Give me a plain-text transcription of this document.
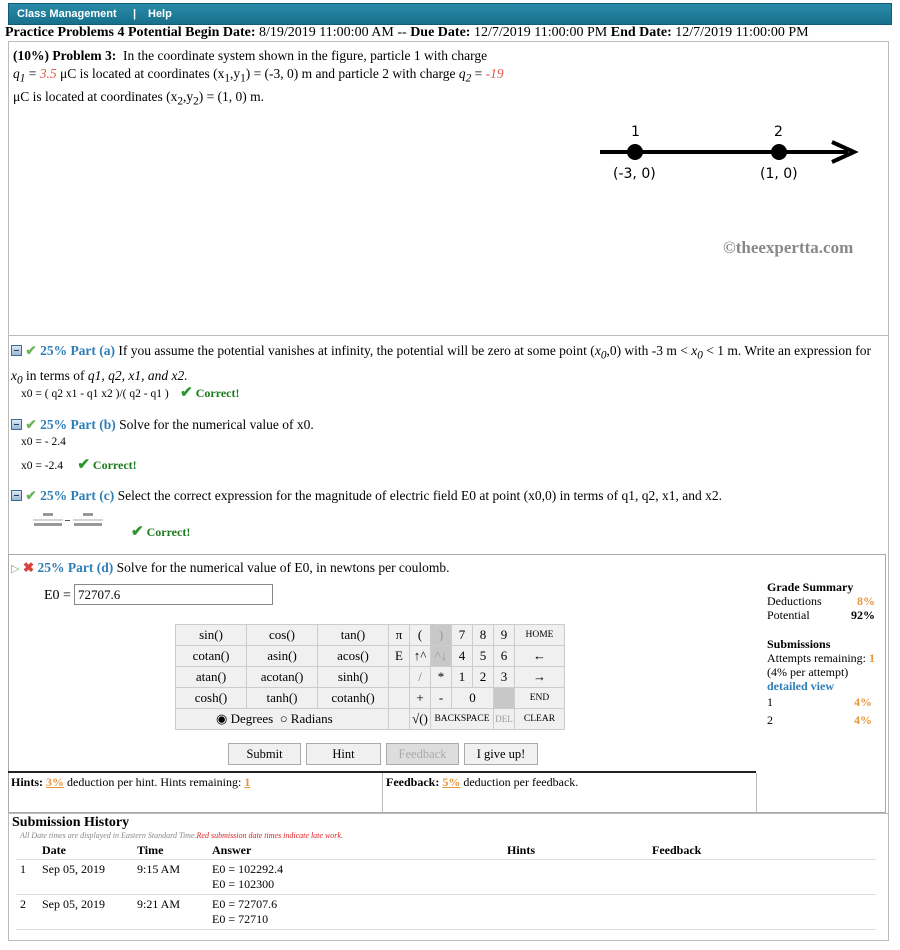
Class Management | Help
Practice Problems 4 Potential Begin Date: 8/19/2019 11:00:00 AM -- Due Date: 12/7/2019 11:00:00 PM End Date: 12/7/2019 11:00:00 PM
(10%) Problem 3: In the coordinate system shown in the figure, particle 1 with charge
$q_1 = 3.5$ μC is located at coordinates $(x_1,y_1) = (-3$, 0) m and particle 2 with charge $q_2 = -19$
μC is located at coordinates $(x_2,y_2) = (1$, 0) m.
1	2
(-3, 0)	(1, 0)
©theexpertta.com
✔ 25% Part (a) If you assume the potential vanishes at infinity, the potential will be zero at some point $(x_0,0)$ with -3 $m < x_0 < 1$ m. Write an expression for $x_0$ in terms of q1, q2, x1, and x2.
x0 = ( q2 x1 - q1 x2 )/( q2 - q1 ) ✔ Correct!
✔ 25% Part (b) Solve for the numerical value of x0.
x0 = - 2.4
x0 = -2.4 ✔ Correct!
✔ 25% Part (c) Select the correct expression for the magnitude of electric field E0 at point (x0,0) in terms of q1, q2, x1, and x2.
✔ Correct!
▷ ✖ 25% Part (d) Solve for the numerical value of E0, in newtons per coulomb.
E0 =
72707.6
sin()	cos()	tan()	π	(	)	7	8	9	HOME
cotan()	asin()	acos()	E	↑^	^↓	4	5	6	←
atan()	acotan()	sinh()		/	*	1	2	3	→
cosh()	tanh()	cotanh()		+	-	0			END
◉ Degrees ○ Radians				√()	BACKSPACE			DEL	CLEAR
Submit	Hint	Feedback	I give up!
Grade Summary
Deductions	8%
Potential	92%
Submissions
Attempts remaining: 1
(4% per attempt)
detailed view
1	4%
2	4%
Hints: 3% deduction per hint. Hints remaining: 1	Feedback: 5% deduction per feedback.
Submission History
All Date times are displayed in Eastern Standard Time.Red submission date times indicate late work.
	Date	Time	Answer	Hints	Feedback
1	Sep 05, 2019	9:15 AM	E0 = 102292.4
E0 = 102300		

2	Sep 05, 2019	9:21 AM	E0 = 72707.6
E0 = 72710		
